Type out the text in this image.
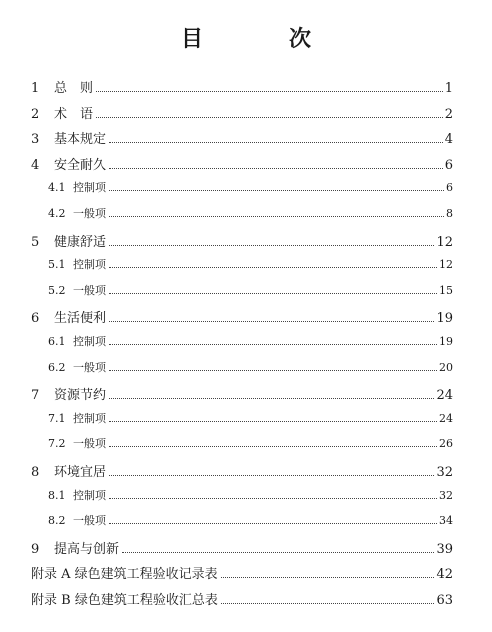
目　次
1	总　则	1
2	术　语	2
3	基本规定	4
4	安全耐久	6
4.1 控制项	6
4.2 一般项	8
5	健康舒适	12
5.1 控制项	12
5.2 一般项	15
6	生活便利	19
6.1 控制项	19
6.2 一般项	20
7	资源节约	24
7.1 控制项	24
7.2 一般项	26
8	环境宜居	32
8.1 控制项	32
8.2 一般项	34
9	提高与创新	39
附录 A 绿色建筑工程验收记录表	42
附录 B 绿色建筑工程验收汇总表	63
